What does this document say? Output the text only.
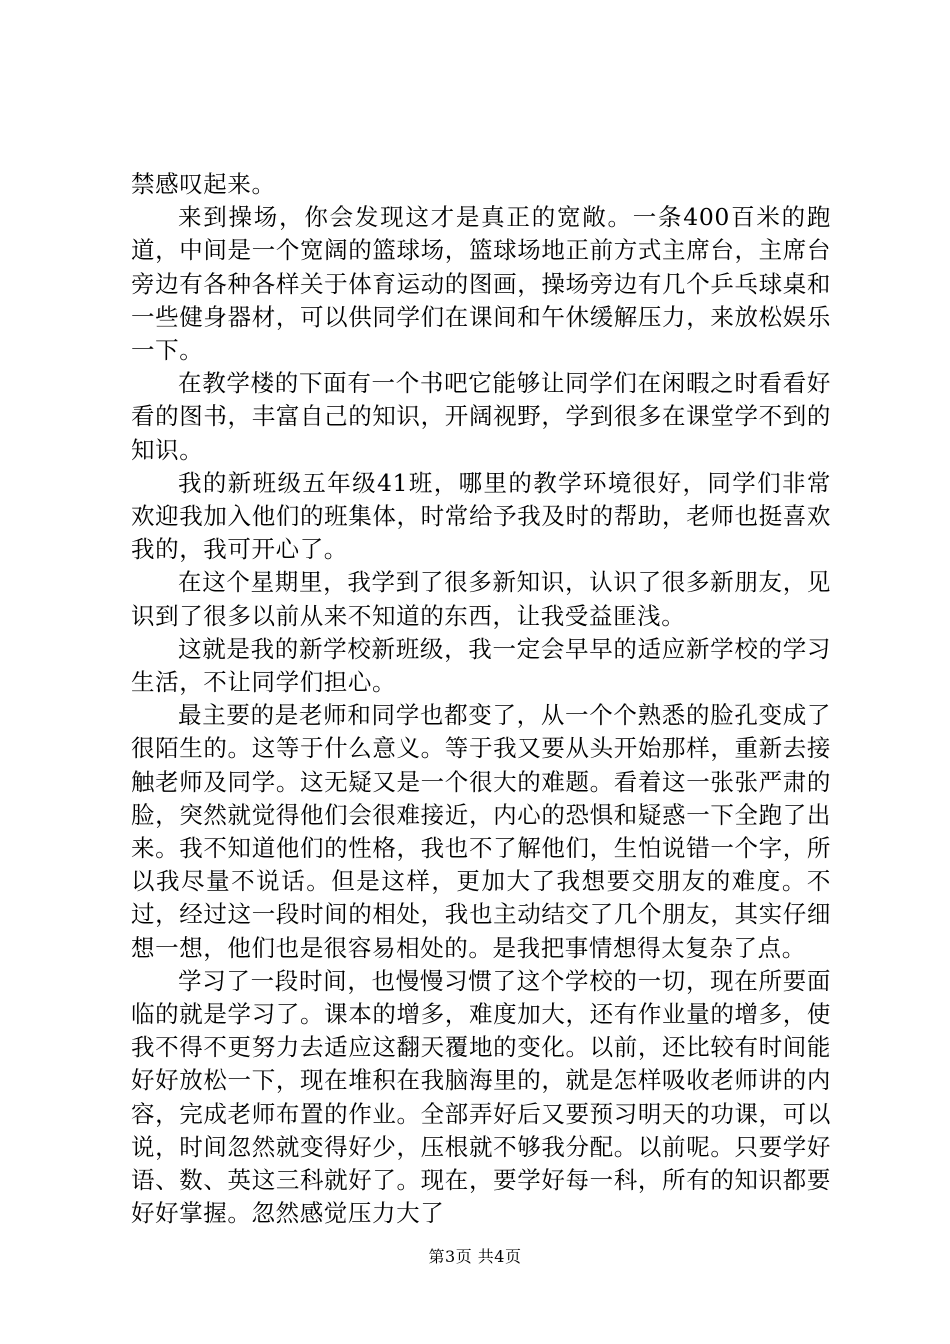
禁感叹起来。

来到操场，你会发现这才是真正的宽敞。一条400百米的跑道，中间是一个宽阔的篮球场，篮球场地正前方式主席台，主席台旁边有各种各样关于体育运动的图画，操场旁边有几个乒乓球桌和一些健身器材，可以供同学们在课间和午休缓解压力，来放松娱乐一下。

在教学楼的下面有一个书吧它能够让同学们在闲暇之时看看好看的图书，丰富自己的知识，开阔视野，学到很多在课堂学不到的知识。

我的新班级五年级41班，哪里的教学环境很好，同学们非常欢迎我加入他们的班集体，时常给予我及时的帮助，老师也挺喜欢我的，我可开心了。

在这个星期里，我学到了很多新知识，认识了很多新朋友，见识到了很多以前从来不知道的东西，让我受益匪浅。

这就是我的新学校新班级，我一定会早早的适应新学校的学习生活，不让同学们担心。

最主要的是老师和同学也都变了，从一个个熟悉的脸孔变成了很陌生的。这等于什么意义。等于我又要从头开始那样，重新去接触老师及同学。这无疑又是一个很大的难题。看着这一张张严肃的脸，突然就觉得他们会很难接近，内心的恐惧和疑惑一下全跑了出来。我不知道他们的性格，我也不了解他们，生怕说错一个字，所以我尽量不说话。但是这样，更加大了我想要交朋友的难度。不过，经过这一段时间的相处，我也主动结交了几个朋友，其实仔细想一想，他们也是很容易相处的。是我把事情想得太复杂了点。

学习了一段时间，也慢慢习惯了这个学校的一切，现在所要面临的就是学习了。课本的增多，难度加大，还有作业量的增多，使我不得不更努力去适应这翻天覆地的变化。以前，还比较有时间能好好放松一下，现在堆积在我脑海里的，就是怎样吸收老师讲的内容，完成老师布置的作业。全部弄好后又要预习明天的功课，可以说，时间忽然就变得好少，压根就不够我分配。以前呢。只要学好语、数、英这三科就好了。现在，要学好每一科，所有的知识都要好好掌握。忽然感觉压力大了

第3页 共4页
